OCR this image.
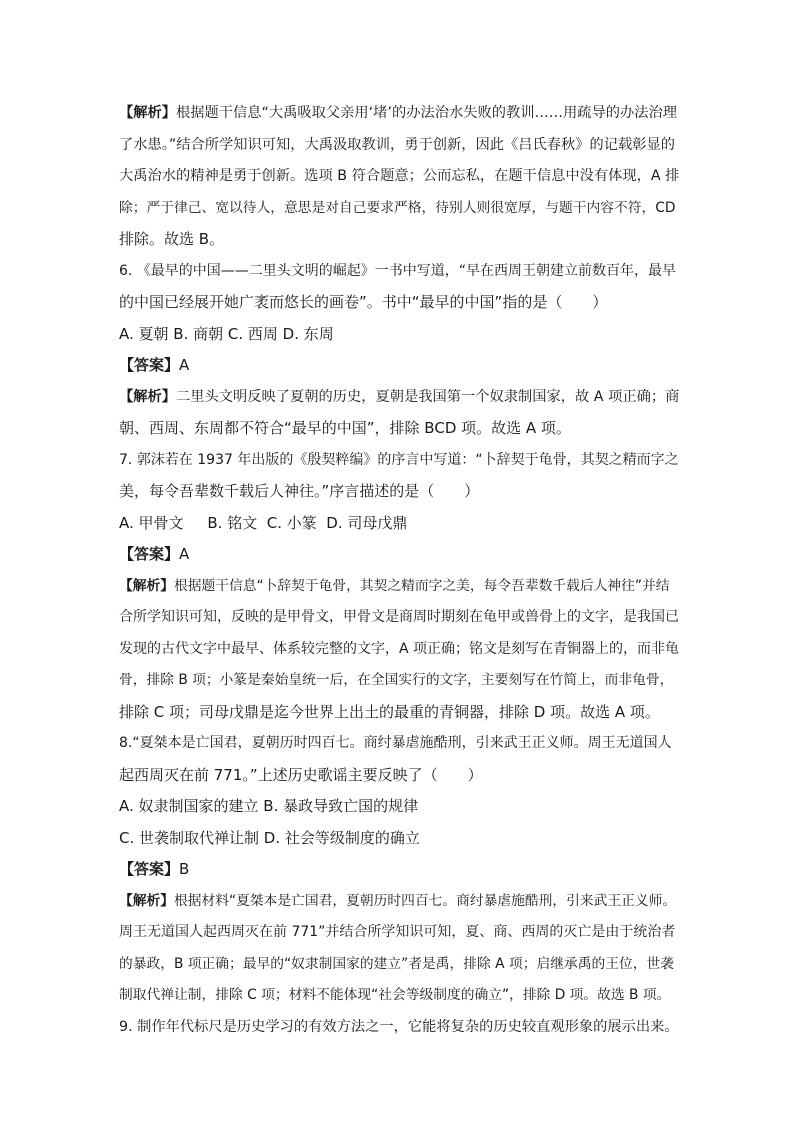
【解析】根据题干信息“大禹吸取父亲用‘堵’的办法治水失败的教训……用疏导的办法治理
了水患。”结合所学知识可知，大禹汲取教训，勇于创新，因此《吕氏春秋》的记载彰显的
大禹治水的精神是勇于创新。选项 B 符合题意；公而忘私，在题干信息中没有体现，A 排
除；严于律己、宽以待人，意思是对自己要求严格，待别人则很宽厚，与题干内容不符，CD
排除。故选 B。
6. 《最早的中国——二里头文明的崛起》一书中写道，“早在西周王朝建立前数百年，最早
的中国已经展开她广袤而悠长的画卷”。书中“最早的中国”指的是（　　）
A. 夏朝 B. 商朝 C. 西周 D. 东周
【答案】A
【解析】二里头文明反映了夏朝的历史，夏朝是我国第一个奴隶制国家，故 A 项正确；商
朝、西周、东周都不符合“最早的中国”，排除 BCD 项。故选 A 项。
7. 郭沫若在 1937 年出版的《殷契粹编》的序言中写道：“卜辞契于龟骨，其契之精而字之
美，每令吾辈数千载后人神往。”序言描述的是（　　）
A. 甲骨文     B. 铭文  C. 小篆  D. 司母戊鼎
【答案】A
【解析】根据题干信息“卜辞契于龟骨，其契之精而字之美，每令吾辈数千载后人神往”并结
合所学知识可知，反映的是甲骨文，甲骨文是商周时期刻在龟甲或兽骨上的文字，是我国已
发现的古代文字中最早、体系较完整的文字，A 项正确；铭文是刻写在青铜器上的，而非龟
骨，排除 B 项；小篆是秦始皇统一后，在全国实行的文字，主要刻写在竹简上，而非龟骨，
排除 C 项；司母戊鼎是迄今世界上出土的最重的青铜器，排除 D 项。故选 A 项。
8.“夏桀本是亡国君，夏朝历时四百七。商纣暴虐施酷刑，引来武王正义师。周王无道国人
起西周灭在前 771。”上述历史歌谣主要反映了（　　）
A. 奴隶制国家的建立 B. 暴政导致亡国的规律
C. 世袭制取代禅让制 D. 社会等级制度的确立
【答案】B
【解析】根据材料“夏桀本是亡国君，夏朝历时四百七。商纣暴虐施酷刑，引来武王正义师。
周王无道国人起西周灭在前 771”并结合所学知识可知，夏、商、西周的灭亡是由于统治者
的暴政，B 项正确；最早的“奴隶制国家的建立”者是禹，排除 A 项；启继承禹的王位，世袭
制取代禅让制，排除 C 项；材料不能体现“社会等级制度的确立”，排除 D 项。故选 B 项。
9. 制作年代标尺是历史学习的有效方法之一，它能将复杂的历史较直观形象的展示出来。
